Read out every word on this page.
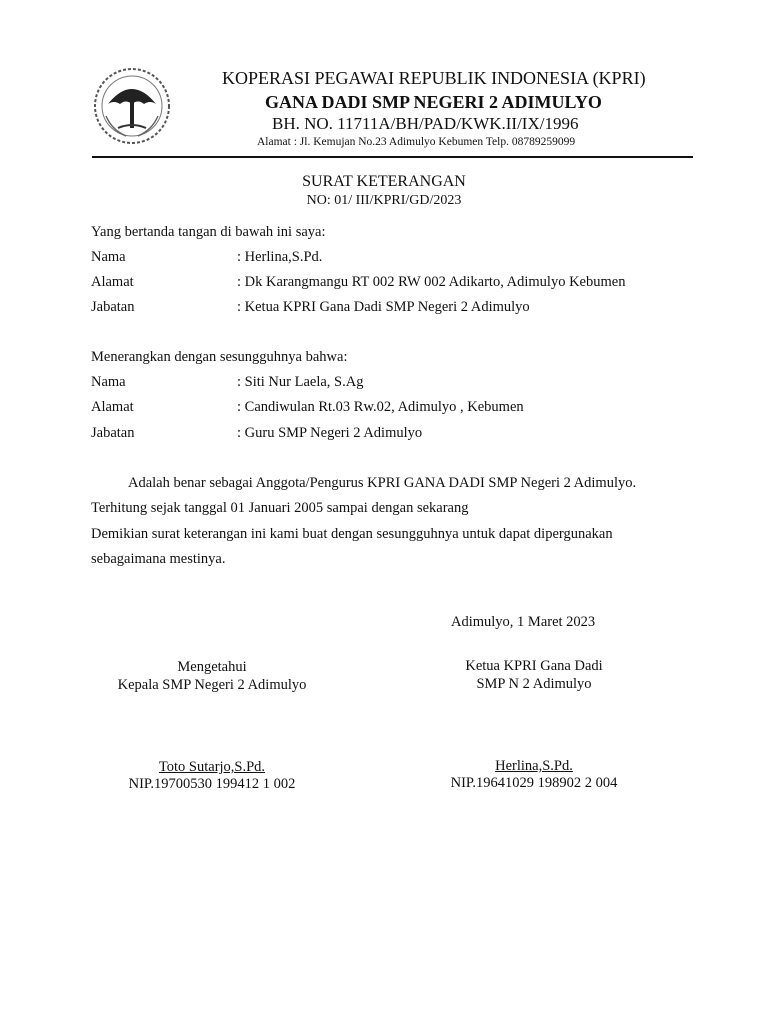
KOPERASI PEGAWAI REPUBLIK INDONESIA (KPRI)
GANA DADI SMP NEGERI 2 ADIMULYO
BH. NO. 11711A/BH/PAD/KWK.II/IX/1996
Alamat : Jl. Kemujan No.23 Adimulyo Kebumen Telp. 08789259099
SURAT KETERANGAN
NO: 01/ III/KPRI/GD/2023
Yang bertanda tangan di bawah ini saya:
Nama	: Herlina,S.Pd.
Alamat	: Dk Karangmangu RT 002 RW 002 Adikarto, Adimulyo Kebumen
Jabatan	: Ketua KPRI Gana Dadi SMP Negeri 2 Adimulyo
Menerangkan dengan sesungguhnya bahwa:
Nama	: Siti Nur Laela, S.Ag
Alamat	: Candiwulan Rt.03 Rw.02, Adimulyo , Kebumen
Jabatan	: Guru SMP Negeri 2 Adimulyo
Adalah benar sebagai Anggota/Pengurus KPRI GANA DADI SMP Negeri 2 Adimulyo.
Terhitung sejak tanggal 01 Januari 2005 sampai dengan sekarang
Demikian surat keterangan ini kami buat dengan sesungguhnya untuk dapat dipergunakan
sebagaimana mestinya.
Adimulyo, 1 Maret 2023
Mengetahui
Kepala SMP Negeri 2 Adimulyo
Toto Sutarjo,S.Pd.
NIP.19700530 199412 1 002
Ketua KPRI Gana Dadi
SMP N 2 Adimulyo
Herlina,S.Pd.
NIP.19641029 198902 2 004
